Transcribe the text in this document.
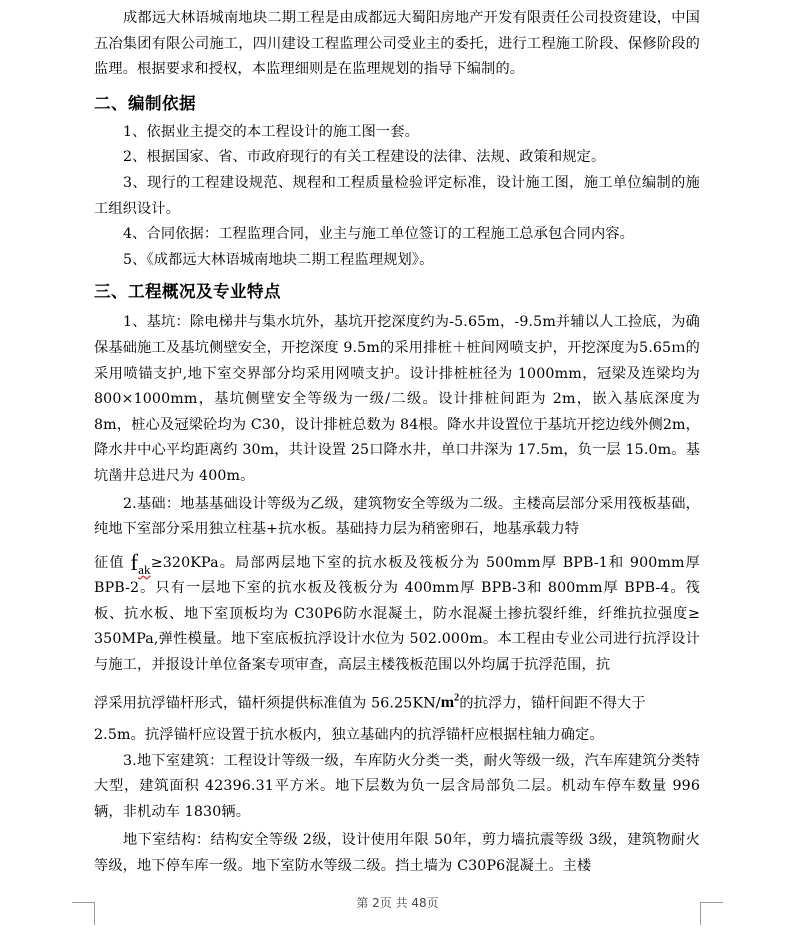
成都远大林语城南地块二期工程是由成都远大蜀阳房地产开发有限责任公司投资建设，中国五冶集团有限公司施工，四川建设工程监理公司受业主的委托，进行工程施工阶段、保修阶段的监理。根据要求和授权，本监理细则是在监理规划的指导下编制的。

二、编制依据

1、依据业主提交的本工程设计的施工图一套。

2、根据国家、省、市政府现行的有关工程建设的法律、法规、政策和规定。

3、现行的工程建设规范、规程和工程质量检验评定标准，设计施工图，施工单位编制的施工组织设计。

4、合同依据：工程监理合同，业主与施工单位签订的工程施工总承包合同内容。

5、《成都远大林语城南地块二期工程监理规划》。

三、工程概况及专业特点

1、基坑：除电梯井与集水坑外，基坑开挖深度约为-5.65m，-9.5m并辅以人工捡底，为确保基础施工及基坑侧壁安全，开挖深度 9.5m的采用排桩＋桩间网喷支护，开挖深度为5.65ｍ的采用喷锚支护,地下室交界部分均采用网喷支护。设计排桩桩径为 1000mm，冠梁及连梁均为 800×1000mm，基坑侧壁安全等级为一级/二级。设计排桩间距为 2m，嵌入基底深度为 8m，桩心及冠梁砼均为 C30，设计排桩总数为 84根。降水井设置位于基坑开挖边线外侧2m，降水井中心平均距离约 30m，共计设置 25口降水井，单口井深为 17.5m，负一层 15.0m。基坑凿井总进尺为 400m。

2.基础：地基基础设计等级为乙级，建筑物安全等级为二级。主楼高层部分采用筏板基础，纯地下室部分采用独立柱基+抗水板。基础持力层为稍密卵石，地基承载力特

征值 $f_{ak}\ge 320KPa$。局部两层地下室的抗水板及筏板分为 500mm厚 BPB-1和 900mm厚 BPB-2。只有一层地下室的抗水板及筏板分为 400mm厚 BPB-3和 800mm厚 BPB-4。筏板、抗水板、地下室顶板均为 C30P6防水混凝土，防水混凝土掺抗裂纤维，纤维抗拉强度≥ 350MPa,弹性模量。地下室底板抗浮设计水位为 502.000m。本工程由专业公司进行抗浮设计与施工，并报设计单位备案专项审查，高层主楼筏板范围以外均属于抗浮范围，抗

浮采用抗浮锚杆形式，锚杆须提供标准值为 $56.25KN/m^2$的抗浮力，锚杆间距不得大于

2.5m。抗浮锚杆应设置于抗水板内，独立基础内的抗浮锚杆应根据柱轴力确定。

3.地下室建筑：工程设计等级一级，车库防火分类一类，耐火等级一级，汽车库建筑分类特大型，建筑面积 42396.31平方米。地下层数为负一层含局部负二层。机动车停车数量 996辆，非机动车 1830辆。

地下室结构：结构安全等级 2级，设计使用年限 50年，剪力墙抗震等级 3级，建筑物耐火等级，地下停车库一级。地下室防水等级二级。挡土墙为 C30P6混凝土。主楼

第 2页 共 48页
